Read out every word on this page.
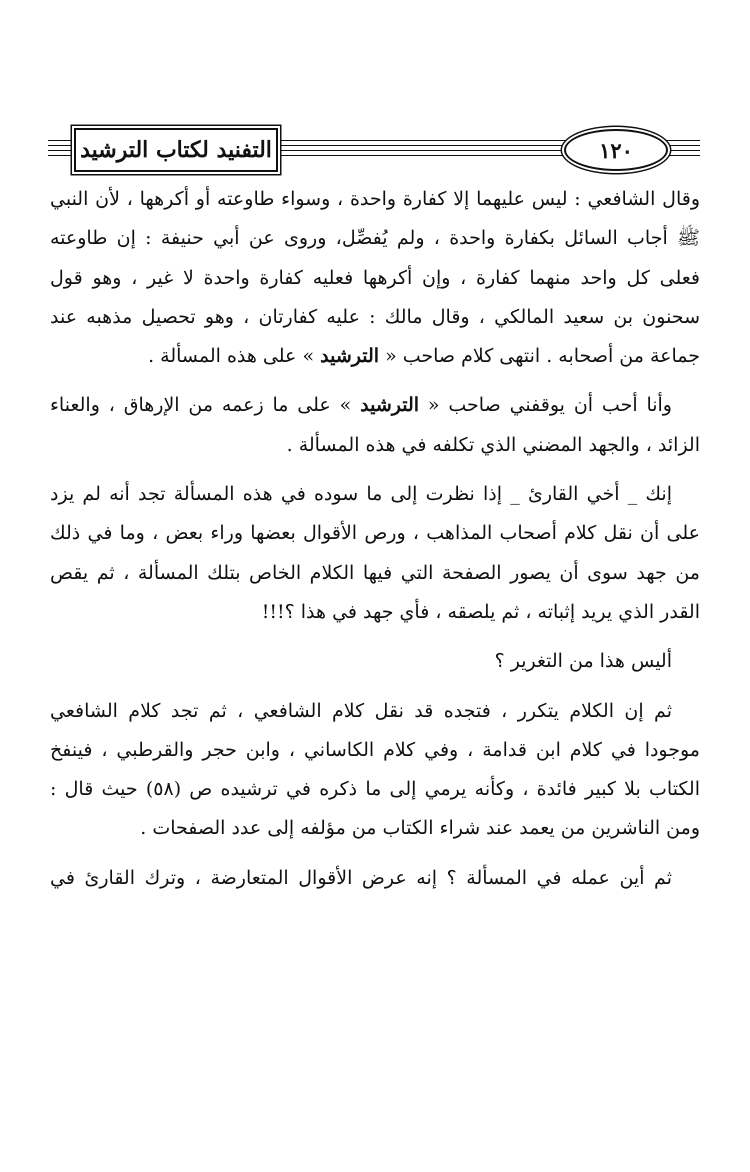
التفنيد لكتاب الترشيد	١٢٠

وقال الشافعي : ليس عليهما إلا كفارة واحدة ، وسواء طاوعته أو أكرهها ، لأن النبي ﷺ أجاب السائل بكفارة واحدة ، ولم يُفصِّل، وروى عن أبي حنيفة : إن طاوعته فعلى كل واحد منهما كفارة ، وإن أكرهها فعليه كفارة واحدة لا غير ، وهو قول سحنون بن سعيد المالكي ، وقال مالك : عليه كفارتان ، وهو تحصيل مذهبه عند جماعة من أصحابه . انتهى كلام صاحب « الترشيد » على هذه المسألة .

وأنا أحب أن يوقفني صاحب « الترشيد » على ما زعمه من الإرهاق ، والعناء الزائد ، والجهد المضني الذي تكلفه في هذه المسألة .

إنك _ أخي القارئ _ إذا نظرت إلى ما سوده في هذه المسألة تجد أنه لم يزد على أن نقل كلام أصحاب المذاهب ، ورص الأقوال بعضها وراء بعض ، وما في ذلك من جهد سوى أن يصور الصفحة التي فيها الكلام الخاص بتلك المسألة ، ثم يقص القدر الذي يريد إثباته ، ثم يلصقه ، فأي جهد في هذا ؟!!!

أليس هذا من التغرير ؟

ثم إن الكلام يتكرر ، فتجده قد نقل كلام الشافعي ، ثم تجد كلام الشافعي موجودا في كلام ابن قدامة ، وفي كلام الكاساني ، وابن حجر والقرطبي ، فينفخ الكتاب بلا كبير فائدة ، وكأنه يرمي إلى ما ذكره في ترشيده ص (٥٨) حيث قال : ومن الناشرين من يعمد عند شراء الكتاب من مؤلفه إلى عدد الصفحات .

ثم أين عمله في المسألة ؟ إنه عرض الأقوال المتعارضة ، وترك القارئ في
